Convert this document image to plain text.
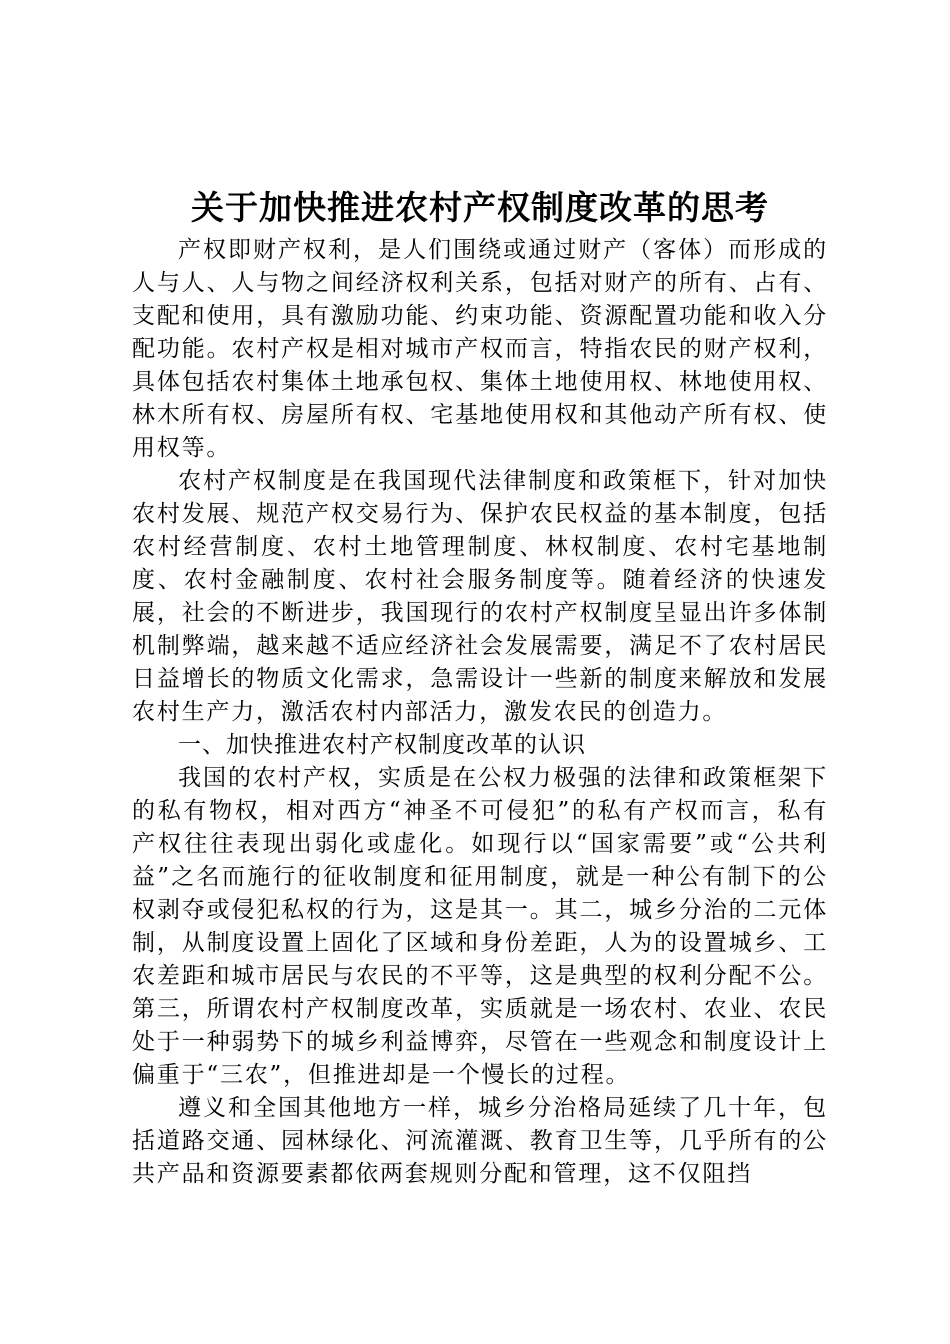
关于加快推进农村产权制度改革的思考

产权即财产权利，是人们围绕或通过财产（客体）而形成的人与人、人与物之间经济权利关系，包括对财产的所有、占有、支配和使用，具有激励功能、约束功能、资源配置功能和收入分配功能。农村产权是相对城市产权而言，特指农民的财产权利，具体包括农村集体土地承包权、集体土地使用权、林地使用权、林木所有权、房屋所有权、宅基地使用权和其他动产所有权、使用权等。

农村产权制度是在我国现代法律制度和政策框下，针对加快农村发展、规范产权交易行为、保护农民权益的基本制度，包括农村经营制度、农村土地管理制度、林权制度、农村宅基地制度、农村金融制度、农村社会服务制度等。随着经济的快速发展，社会的不断进步，我国现行的农村产权制度呈显出许多体制机制弊端，越来越不适应经济社会发展需要，满足不了农村居民日益增长的物质文化需求，急需设计一些新的制度来解放和发展农村生产力，激活农村内部活力，激发农民的创造力。

一、加快推进农村产权制度改革的认识

我国的农村产权，实质是在公权力极强的法律和政策框架下的私有物权，相对西方“神圣不可侵犯”的私有产权而言，私有产权往往表现出弱化或虚化。如现行以“国家需要”或“公共利益”之名而施行的征收制度和征用制度，就是一种公有制下的公权剥夺或侵犯私权的行为，这是其一。其二，城乡分治的二元体制，从制度设置上固化了区域和身份差距，人为的设置城乡、工农差距和城市居民与农民的不平等，这是典型的权利分配不公。第三，所谓农村产权制度改革，实质就是一场农村、农业、农民处于一种弱势下的城乡利益博弈，尽管在一些观念和制度设计上偏重于“三农”，但推进却是一个慢长的过程。

遵义和全国其他地方一样，城乡分治格局延续了几十年，包括道路交通、园林绿化、河流灌溉、教育卫生等，几乎所有的公共产品和资源要素都依两套规则分配和管理，这不仅阻挡
